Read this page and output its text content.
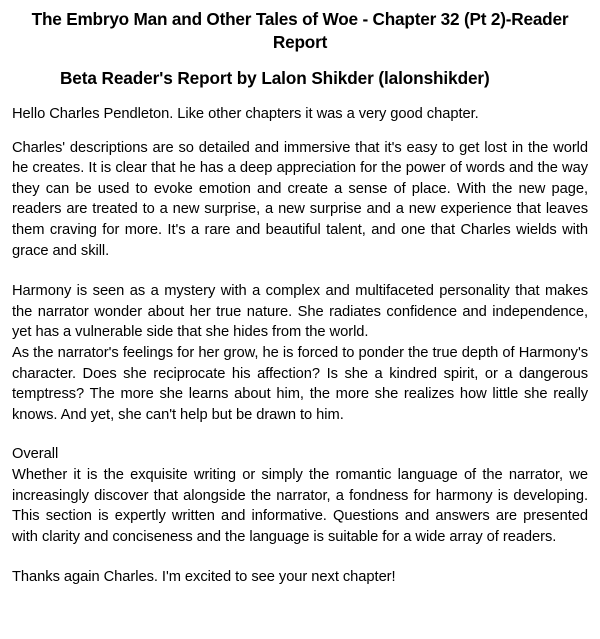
The Embryo Man and Other Tales of Woe - Chapter 32 (Pt 2)-Reader Report
Beta Reader's Report by Lalon Shikder (lalonshikder)

Hello Charles Pendleton. Like other chapters it was a very good chapter.

Charles' descriptions are so detailed and immersive that it's easy to get lost in the world he creates. It is clear that he has a deep appreciation for the power of words and the way they can be used to evoke emotion and create a sense of place. With the new page, readers are treated to a new surprise, a new surprise and a new experience that leaves them craving for more. It's a rare and beautiful talent, and one that Charles wields with grace and skill.

Harmony is seen as a mystery with a complex and multifaceted personality that makes the narrator wonder about her true nature. She radiates confidence and independence, yet has a vulnerable side that she hides from the world.

As the narrator's feelings for her grow, he is forced to ponder the true depth of Harmony's character. Does she reciprocate his affection? Is she a kindred spirit, or a dangerous temptress? The more she learns about him, the more she realizes how little she really knows. And yet, she can't help but be drawn to him.

Overall

Whether it is the exquisite writing or simply the romantic language of the narrator, we increasingly discover that alongside the narrator, a fondness for harmony is developing. This section is expertly written and informative. Questions and answers are presented with clarity and conciseness and the language is suitable for a wide array of readers.

Thanks again Charles. I'm excited to see your next chapter!
